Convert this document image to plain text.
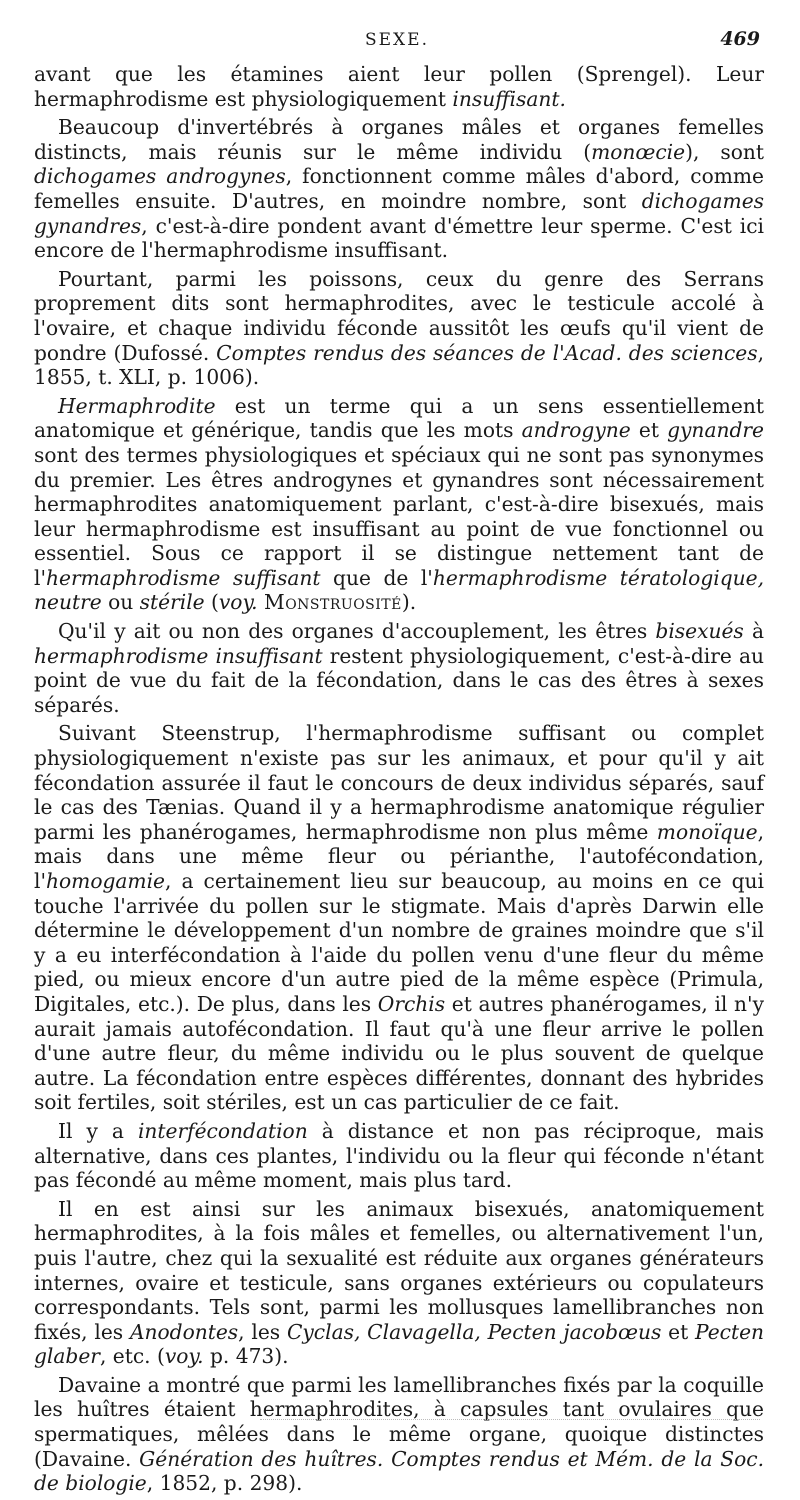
SEXE.	469

avant que les étamines aient leur pollen (Sprengel). Leur hermaphrodisme est physiologiquement insuffisant.

Beaucoup d'invertébrés à organes mâles et organes femelles distincts, mais réunis sur le même individu (monœcie), sont dichogames androgynes, fonctionnent comme mâles d'abord, comme femelles ensuite. D'autres, en moindre nombre, sont dichogames gynandres, c'est-à-dire pondent avant d'émettre leur sperme. C'est ici encore de l'hermaphrodisme insuffisant.

Pourtant, parmi les poissons, ceux du genre des Serrans proprement dits sont hermaphrodites, avec le testicule accolé à l'ovaire, et chaque individu féconde aussitôt les œufs qu'il vient de pondre (Dufossé. Comptes rendus des séances de l'Acad. des sciences, 1855, t. XLI, p. 1006).

Hermaphrodite est un terme qui a un sens essentiellement anatomique et générique, tandis que les mots androgyne et gynandre sont des termes physiologiques et spéciaux qui ne sont pas synonymes du premier. Les êtres androgynes et gynandres sont nécessairement hermaphrodites anatomiquement parlant, c'est-à-dire bisexués, mais leur hermaphrodisme est insuffisant au point de vue fonctionnel ou essentiel. Sous ce rapport il se distingue nettement tant de l'hermaphrodisme suffisant que de l'hermaphrodisme tératologique, neutre ou stérile (voy. Monstruosité).

Qu'il y ait ou non des organes d'accouplement, les êtres bisexués à hermaphrodisme insuffisant restent physiologiquement, c'est-à-dire au point de vue du fait de la fécondation, dans le cas des êtres à sexes séparés.

Suivant Steenstrup, l'hermaphrodisme suffisant ou complet physiologiquement n'existe pas sur les animaux, et pour qu'il y ait fécondation assurée il faut le concours de deux individus séparés, sauf le cas des Tænias. Quand il y a hermaphrodisme anatomique régulier parmi les phanérogames, hermaphrodisme non plus même monoïque, mais dans une même fleur ou périanthe, l'autofécondation, l'homogamie, a certainement lieu sur beaucoup, au moins en ce qui touche l'arrivée du pollen sur le stigmate. Mais d'après Darwin elle détermine le développement d'un nombre de graines moindre que s'il y a eu interfécondation à l'aide du pollen venu d'une fleur du même pied, ou mieux encore d'un autre pied de la même espèce (Primula, Digitales, etc.). De plus, dans les Orchis et autres phanérogames, il n'y aurait jamais autofécondation. Il faut qu'à une fleur arrive le pollen d'une autre fleur, du même individu ou le plus souvent de quelque autre. La fécondation entre espèces différentes, donnant des hybrides soit fertiles, soit stériles, est un cas particulier de ce fait.

Il y a interfécondation à distance et non pas réciproque, mais alternative, dans ces plantes, l'individu ou la fleur qui féconde n'étant pas fécondé au même moment, mais plus tard.

Il en est ainsi sur les animaux bisexués, anatomiquement hermaphrodites, à la fois mâles et femelles, ou alternativement l'un, puis l'autre, chez qui la sexualité est réduite aux organes générateurs internes, ovaire et testicule, sans organes extérieurs ou copulateurs correspondants. Tels sont, parmi les mollusques lamellibranches non fixés, les Anodontes, les Cyclas, Clavagella, Pecten jacobœus et Pecten glaber, etc. (voy. p. 473).

Davaine a montré que parmi les lamellibranches fixés par la coquille les huîtres étaient hermaphrodites, à capsules tant ovulaires que spermatiques, mêlées dans le même organe, quoique distinctes (Davaine. Génération des huîtres. Comptes rendus et Mém. de la Soc. de biologie, 1852, p. 298).
